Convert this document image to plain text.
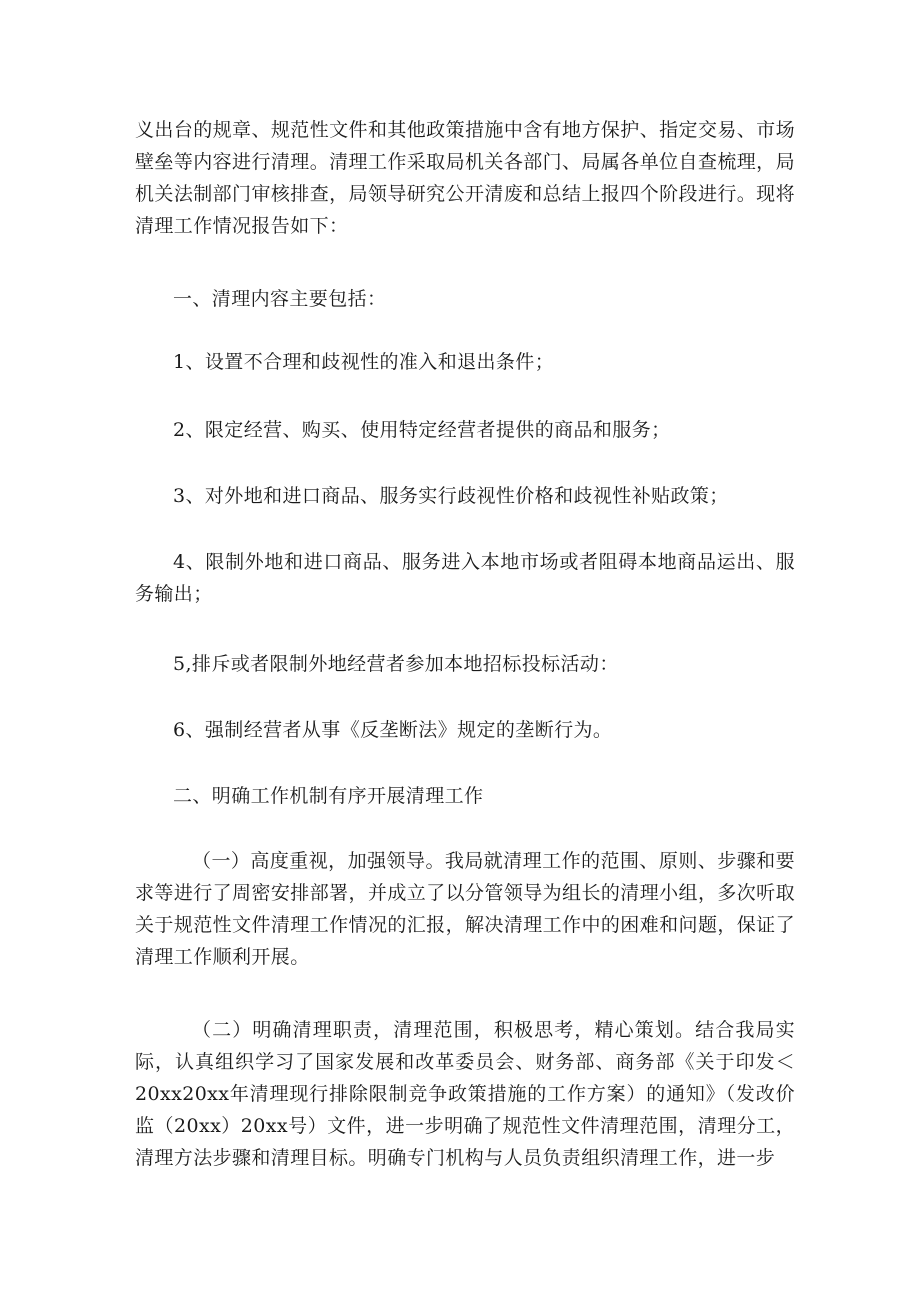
义出台的规章、规范性文件和其他政策措施中含有地方保护、指定交易、市场壁垒等内容进行清理。清理工作采取局机关各部门、局属各单位自查梳理，局机关法制部门审核排查，局领导研究公开清废和总结上报四个阶段进行。现将清理工作情况报告如下：

一、清理内容主要包括：

1、设置不合理和歧视性的准入和退出条件；

2、限定经营、购买、使用特定经营者提供的商品和服务；

3、对外地和进口商品、服务实行歧视性价格和歧视性补贴政策；

4、限制外地和进口商品、服务进入本地市场或者阻碍本地商品运出、服务输出；

5,排斥或者限制外地经营者参加本地招标投标活动：

6、强制经营者从事《反垄断法》规定的垄断行为。

二、明确工作机制有序开展清理工作

（一）高度重视，加强领导。我局就清理工作的范围、原则、步骤和要求等进行了周密安排部署，并成立了以分管领导为组长的清理小组，多次听取关于规范性文件清理工作情况的汇报，解决清理工作中的困难和问题，保证了清理工作顺利开展。

（二）明确清理职责，清理范围，积极思考，精心策划。结合我局实际，认真组织学习了国家发展和改革委员会、财务部、商务部《关于印发＜20xx20xx年清理现行排除限制竞争政策措施的工作方案）的通知》（发改价监（20xx）20xx号）文件，进一步明确了规范性文件清理范围，清理分工，清理方法步骤和清理目标。明确专门机构与人员负责组织清理工作，进一步
